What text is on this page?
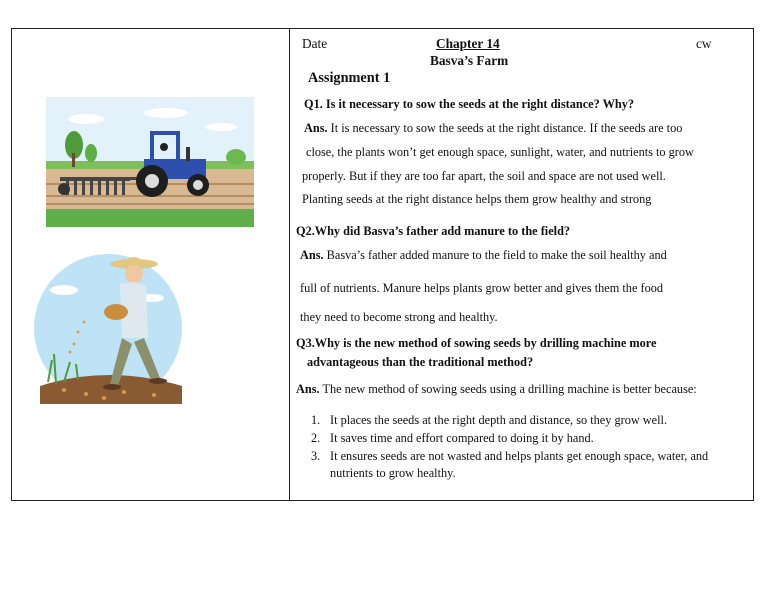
Date	Chapter 14	cw
Basva’s Farm
Assignment 1
Q1. Is it necessary to sow the seeds at the right distance? Why?
Ans. It is necessary to sow the seeds at the right distance. If the seeds are too
close, the plants won’t get enough space, sunlight, water, and nutrients to grow
properly. But if they are too far apart, the soil and space are not used well.
Planting seeds at the right distance helps them grow healthy and strong
Q2.Why did Basva’s father add manure to the field?
Ans. Basva’s father added manure to the field to make the soil healthy and
full of nutrients. Manure helps plants grow better and gives them the food
they need to become strong and healthy.
Q3.Why is the new method of sowing seeds by drilling machine more
advantageous than the traditional method?
Ans. The new method of sowing seeds using a drilling machine is better because:
1. It places the seeds at the right depth and distance, so they grow well.
2. It saves time and effort compared to doing it by hand.
3. It ensures seeds are not wasted and helps plants get enough space, water, and
nutrients to grow healthy.
